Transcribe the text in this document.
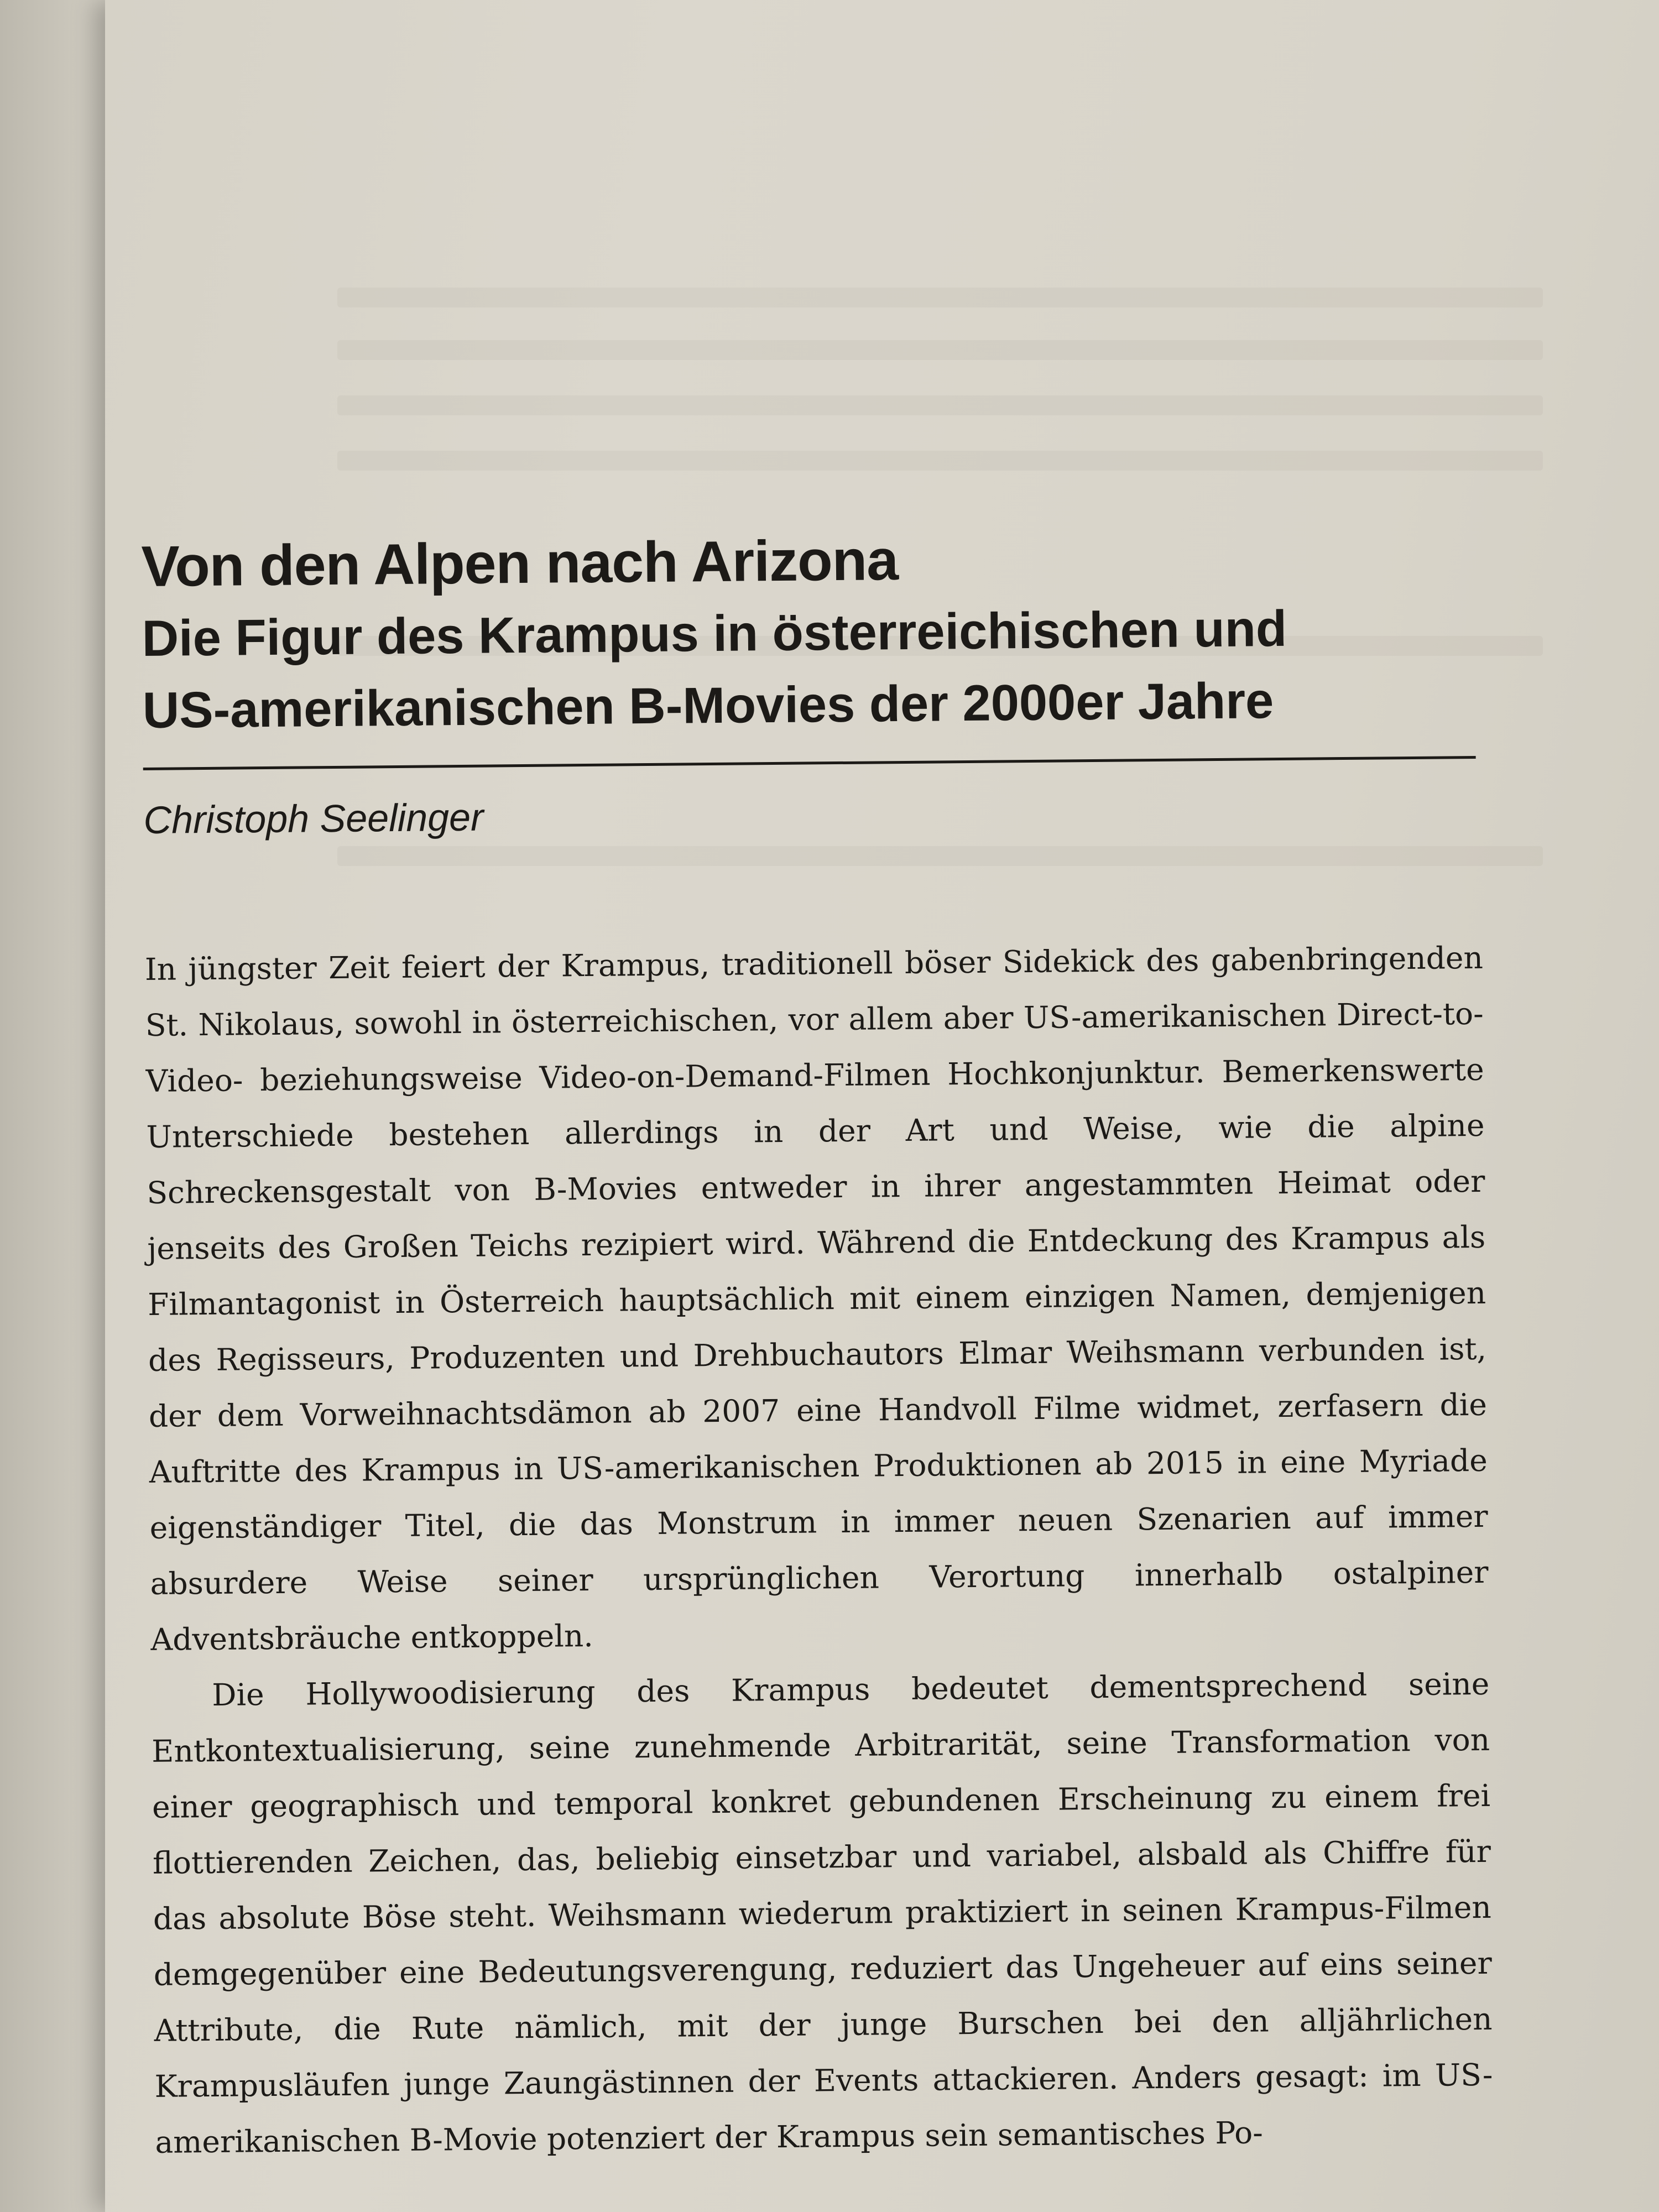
Von den Alpen nach Arizona
Die Figur des Krampus in österreichischen und US-amerikanischen B-Movies der 2000er Jahre

Christoph Seelinger

In jüngster Zeit feiert der Krampus, traditionell böser Sidekick des gabenbringenden St. Nikolaus, sowohl in österreichischen, vor allem aber US-amerikanischen Direct-to-Video- beziehungsweise Video-on-Demand-Filmen Hochkonjunktur. Bemerkenswerte Unterschiede bestehen allerdings in der Art und Weise, wie die alpine Schreckensgestalt von B-Movies entweder in ihrer angestammten Heimat oder jenseits des Großen Teichs rezipiert wird. Während die Entdeckung des Krampus als Filmantagonist in Österreich hauptsächlich mit einem einzigen Namen, demjenigen des Regisseurs, Produzenten und Drehbuchautors Elmar Weihsmann verbunden ist, der dem Vorweihnachtsdämon ab 2007 eine Handvoll Filme widmet, zerfasern die Auftritte des Krampus in US-amerikanischen Produktionen ab 2015 in eine Myriade eigenständiger Titel, die das Monstrum in immer neuen Szenarien auf immer absurdere Weise seiner ursprünglichen Verortung innerhalb ostalpiner Adventsbräuche entkoppeln.

Die Hollywoodisierung des Krampus bedeutet dementsprechend seine Entkontextualisierung, seine zunehmende Arbitrarität, seine Transformation von einer geographisch und temporal konkret gebundenen Erscheinung zu einem frei flottierenden Zeichen, das, beliebig einsetzbar und variabel, alsbald als Chiffre für das absolute Böse steht. Weihsmann wiederum praktiziert in seinen Krampus-Filmen demgegenüber eine Bedeutungsverengung, reduziert das Ungeheuer auf eins seiner Attribute, die Rute nämlich, mit der junge Burschen bei den alljährlichen Krampusläufen junge Zaungästinnen der Events attackieren. Anders gesagt: im US-amerikanischen B-Movie potenziert der Krampus sein semantisches Po-
